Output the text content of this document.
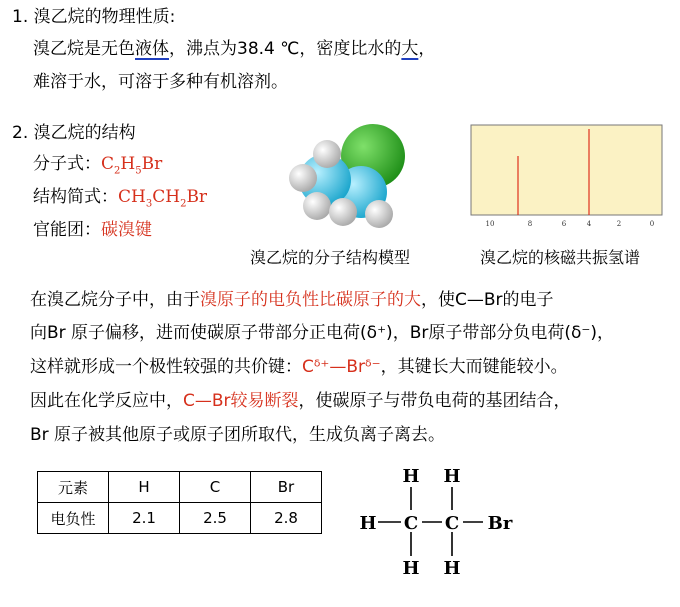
1. 溴乙烷的物理性质:
溴乙烷是无色液体，沸点为38.4 ℃，密度比水的大，
难溶于水，可溶于多种有机溶剂。
2. 溴乙烷的结构
分子式：$C_2H_5Br$
结构简式：$CH_3CH_2Br$
官能团：碳溴键
溴乙烷的分子结构模型
10	8	6	4	2	0
溴乙烷的核磁共振氢谱
在溴乙烷分子中，由于溴原子的电负性比碳原子的大，使C—Br的电子
向Br 原子偏移，进而使碳原子带部分正电荷(δ⁺)，Br原子带部分负电荷(δ⁻)，
这样就形成一个极性较强的共价键：Cᵟ⁺—Brᵟ⁻，其键长大而键能较小。
因此在化学反应中，C—Br较易断裂，使碳原子与带负电荷的基团结合，
Br 原子被其他原子或原子团所取代，生成负离子离去。
元素	H	C	Br
电负性	2.1	2.5	2.8
H H
H C C Br
H H
